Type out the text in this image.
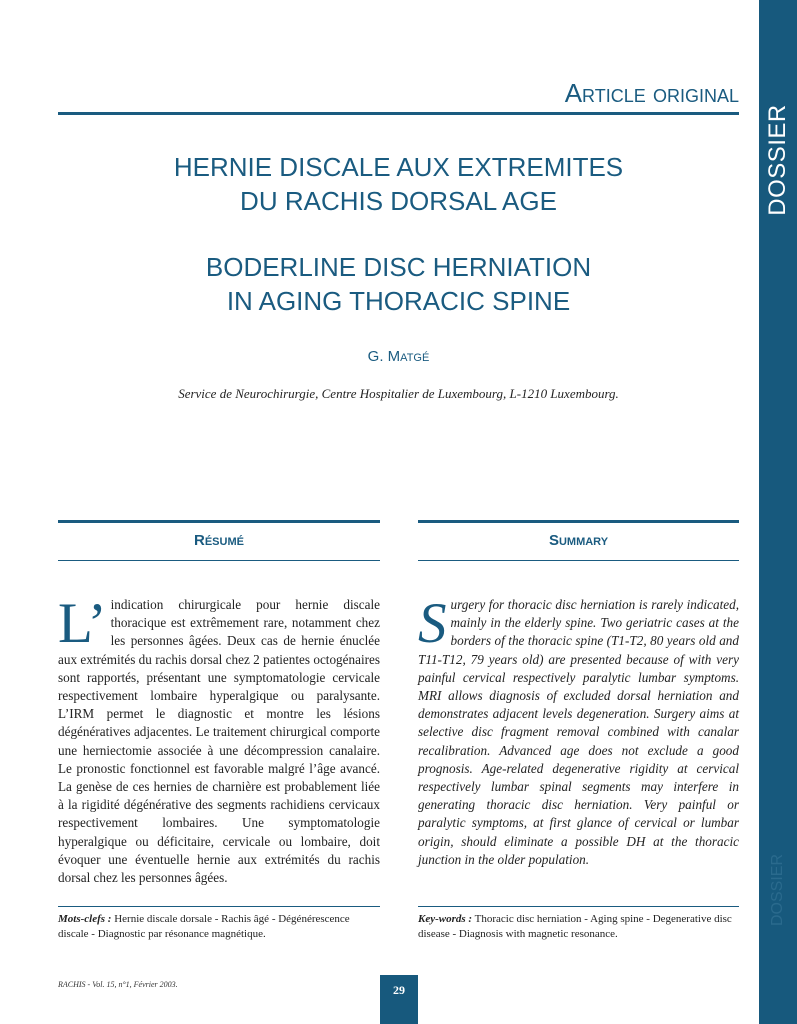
DOSSIER
DOSSIER
Article original
HERNIE DISCALE AUX EXTREMITES
DU RACHIS DORSAL AGE
BODERLINE DISC HERNIATION
IN AGING THORACIC SPINE
G. Matgé
Service de Neurochirurgie, Centre Hospitalier de Luxembourg, L-1210 Luxembourg.
Résumé	Summary
L’ indication chirurgicale pour hernie discale thoracique est extrêmement rare, notamment chez les personnes âgées. Deux cas de hernie énuclée aux extrémités du rachis dorsal chez 2 patientes octogénaires sont rapportés, présentant une symptomatologie cervicale respectivement lombaire hyperalgique ou paralysante. L’IRM permet le diagnostic et montre les lésions dégénératives adjacentes. Le traitement chirurgical comporte une herniectomie associée à une décompression canalaire. Le pronostic fonctionnel est favorable malgré l’âge avancé. La genèse de ces hernies de charnière est probablement liée à la rigidité dégénérative des segments rachidiens cervicaux respectivement lombaires. Une symptomatologie hyperalgique ou déficitaire, cervicale ou lombaire, doit évoquer une éventuelle hernie aux extrémités du rachis dorsal chez les personnes âgées.
Surgery for thoracic disc herniation is rarely indicated, mainly in the elderly spine. Two geriatric cases at the borders of the thoracic spine (T1-T2, 80 years old and T11-T12, 79 years old) are presented because of with very painful cervical respectively paralytic lumbar symptoms. MRI allows diagnosis of excluded dorsal herniation and demonstrates adjacent levels degeneration. Surgery aims at selective disc fragment removal combined with canalar recalibration. Advanced age does not exclude a good prognosis. Age-related degenerative rigidity at cervical respectively lumbar spinal segments may interfere in generating thoracic disc herniation. Very painful or paralytic symptoms, at first glance of cervical or lumbar origin, should eliminate a possible DH at the thoracic junction in the older population.
Mots-clefs : Hernie discale dorsale - Rachis âgé - Dégénérescence discale - Diagnostic par résonance magnétique.
Key-words : Thoracic disc herniation - Aging spine - Degenerative disc disease - Diagnosis with magnetic resonance.
RACHIS - Vol. 15, n°1, Février 2003.	29
